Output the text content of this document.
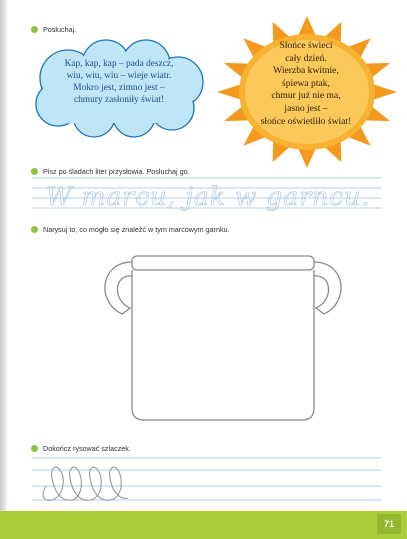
Posłuchaj.
Kap, kap, kap – pada deszcz,
wiu, wiu, wiu – wieje wiatr.
Mokro jest, zimno jest –
chmury zasłoniły świat!
Słońce świeci
cały dzień.
Wierzba kwitnie,
śpiewa ptak,
chmur już nie ma,
jasno jest –
słońce oświetliło świat!
Pisz po śladach liter przysłowia. Posłuchaj go.
W marcu, jak w garncu.
Narysuj to, co mogło się znaleźć w tym marcowym garnku.
Dokończ rysować szlaczek.
71
